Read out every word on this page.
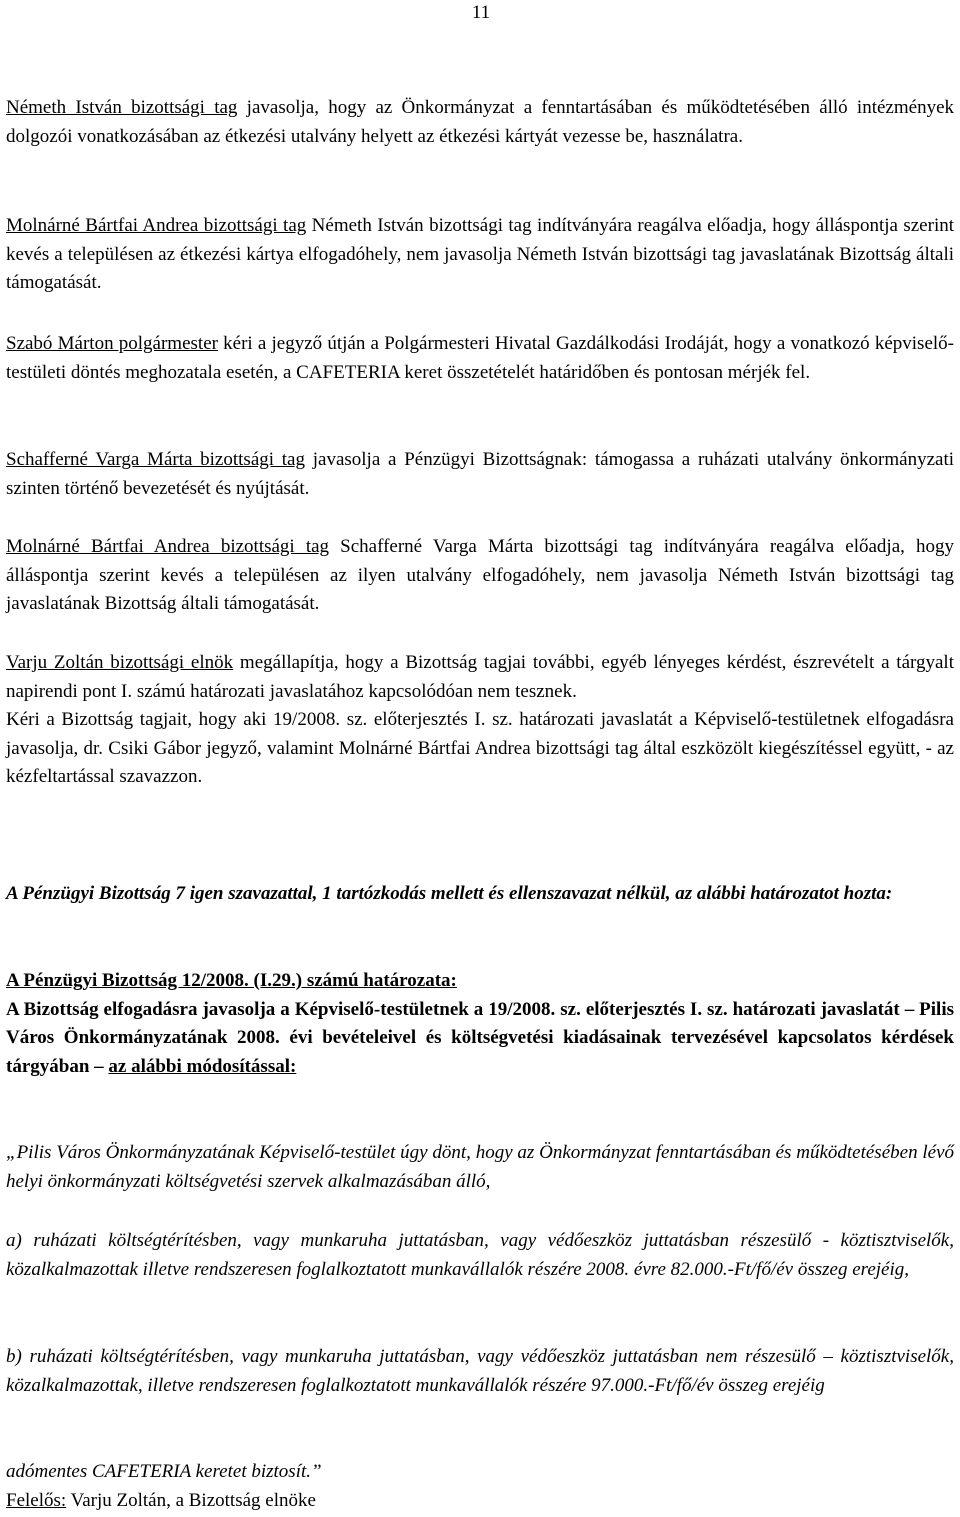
11

Németh István bizottsági tag javasolja, hogy az Önkormányzat a fenntartásában és működtetésében álló intézmények dolgozói vonatkozásában az étkezési utalvány helyett az étkezési kártyát vezesse be, használatra.

Molnárné Bártfai Andrea bizottsági tag Németh István bizottsági tag indítványára reagálva előadja, hogy álláspontja szerint kevés a településen az étkezési kártya elfogadóhely, nem javasolja Németh István bizottsági tag javaslatának Bizottság általi támogatását.

Szabó Márton polgármester kéri a jegyző útján a Polgármesteri Hivatal Gazdálkodási Irodáját, hogy a vonatkozó képviselő-testületi döntés meghozatala esetén, a CAFETERIA keret összetételét határidőben és pontosan mérjék fel.

Schafferné Varga Márta bizottsági tag javasolja a Pénzügyi Bizottságnak: támogassa a ruházati utalvány önkormányzati szinten történő bevezetését és nyújtását.

Molnárné Bártfai Andrea bizottsági tag Schafferné Varga Márta bizottsági tag indítványára reagálva előadja, hogy álláspontja szerint kevés a településen az ilyen utalvány elfogadóhely, nem javasolja Németh István bizottsági tag javaslatának Bizottság általi támogatását.

Varju Zoltán bizottsági elnök megállapítja, hogy a Bizottság tagjai további, egyéb lényeges kérdést, észrevételt a tárgyalt napirendi pont I. számú határozati javaslatához kapcsolódóan nem tesznek.
Kéri a Bizottság tagjait, hogy aki 19/2008. sz. előterjesztés I. sz. határozati javaslatát a Képviselő-testületnek elfogadásra javasolja, dr. Csiki Gábor jegyző, valamint Molnárné Bártfai Andrea bizottsági tag által eszközölt kiegészítéssel együtt, - az kézfeltartással szavazzon.

A Pénzügyi Bizottság 7 igen szavazattal, 1 tartózkodás mellett és ellenszavazat nélkül, az alábbi határozatot hozta:

A Pénzügyi Bizottság 12/2008. (I.29.) számú határozata:
A Bizottság elfogadásra javasolja a Képviselő-testületnek a 19/2008. sz. előterjesztés I. sz. határozati javaslatát – Pilis Város Önkormányzatának 2008. évi bevételeivel és költségvetési kiadásainak tervezésével kapcsolatos kérdések tárgyában – az alábbi módosítással:

„Pilis Város Önkormányzatának Képviselő-testület úgy dönt, hogy az Önkormányzat fenntartásában és működtetésében lévő helyi önkormányzati költségvetési szervek alkalmazásában álló,

a) ruházati költségtérítésben, vagy munkaruha juttatásban, vagy védőeszköz juttatásban részesülő - köztisztviselők, közalkalmazottak illetve rendszeresen foglalkoztatott munkavállalók részére 2008. évre 82.000.-Ft/fő/év összeg erejéig,

b) ruházati költségtérítésben, vagy munkaruha juttatásban, vagy védőeszköz juttatásban nem részesülő – köztisztviselők, közalkalmazottak, illetve rendszeresen foglalkoztatott munkavállalók részére 97.000.-Ft/fő/év összeg erejéig

adómentes CAFETERIA keretet biztosít.”

Felelős: Varju Zoltán, a Bizottság elnöke
